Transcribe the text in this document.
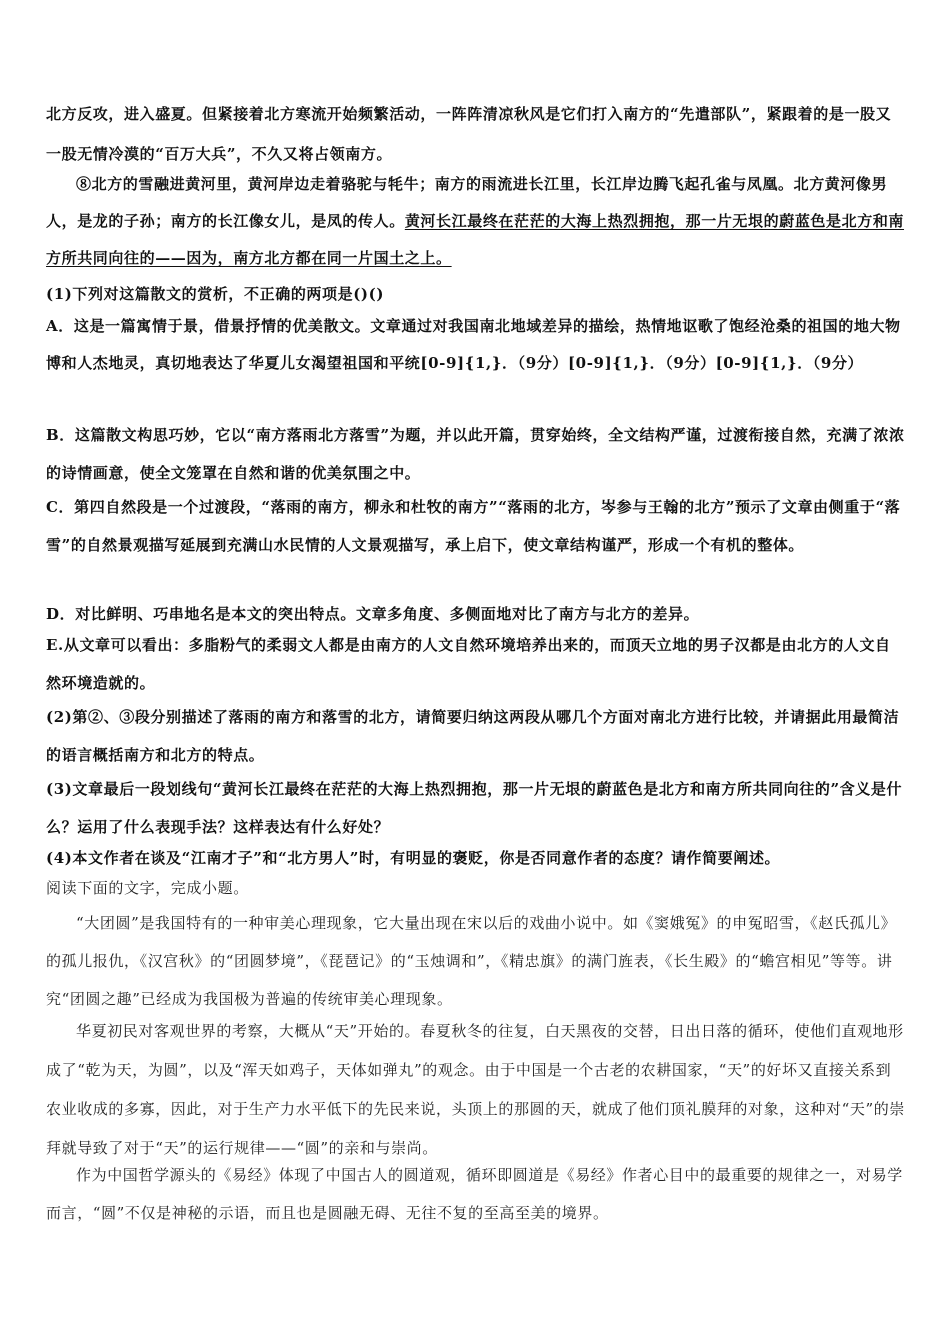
北方反攻，进入盛夏。但紧接着北方寒流开始频繁活动，一阵阵清凉秋风是它们打入南方的“先遣部队”，紧跟着的是一股又一股无情冷漠的“百万大兵”，不久又将占领南方。
⑧北方的雪融进黄河里，黄河岸边走着骆驼与牦牛；南方的雨流进长江里，长江岸边腾飞起孔雀与凤凰。北方黄河像男人，是龙的子孙；南方的长江像女儿，是凤的传人。黄河长江最终在茫茫的大海上热烈拥抱，那一片无垠的蔚蓝色是北方和南方所共同向往的——因为，南方北方都在同一片国土之上。
(1)下列对这篇散文的赏析，不正确的两项是()()
A．这是一篇寓情于景，借景抒情的优美散文。文章通过对我国南北地域差异的描绘，热情地讴歌了饱经沧桑的祖国的地大物博和人杰地灵，真切地表达了华夏儿女渴望祖国和平统[0-9]{1,}．（9分）[0-9]{1,}．（9分）[0-9]{1,}．（9分）
B．这篇散文构思巧妙，它以“南方落雨北方落雪”为题，并以此开篇，贯穿始终，全文结构严谨，过渡衔接自然，充满了浓浓的诗情画意，使全文笼罩在自然和谐的优美氛围之中。
C．第四自然段是一个过渡段，“落雨的南方，柳永和杜牧的南方”“落雨的北方，岑参与王翰的北方”预示了文章由侧重于“落雪”的自然景观描写延展到充满山水民情的人文景观描写，承上启下，使文章结构谨严，形成一个有机的整体。
D．对比鲜明、巧串地名是本文的突出特点。文章多角度、多侧面地对比了南方与北方的差异。
E.从文章可以看出：多脂粉气的柔弱文人都是由南方的人文自然环境培养出来的，而顶天立地的男子汉都是由北方的人文自然环境造就的。
(2)第②、③段分别描述了落雨的南方和落雪的北方，请简要归纳这两段从哪几个方面对南北方进行比较，并请据此用最简洁的语言概括南方和北方的特点。
(3)文章最后一段划线句“黄河长江最终在茫茫的大海上热烈拥抱，那一片无垠的蔚蓝色是北方和南方所共同向往的”含义是什么？运用了什么表现手法？这样表达有什么好处？
(4)本文作者在谈及“江南才子”和“北方男人”时，有明显的褒贬，你是否同意作者的态度？请作简要阐述。
阅读下面的文字，完成小题。
“大团圆”是我国特有的一种审美心理现象，它大量出现在宋以后的戏曲小说中。如《窦娥冤》的申冤昭雪，《赵氏孤儿》的孤儿报仇，《汉宫秋》的“团圆梦境”，《琵琶记》的“玉烛调和”，《精忠旗》的满门旌表，《长生殿》的“蟾宫相见”等等。讲究“团圆之趣”已经成为我国极为普遍的传统审美心理现象。
华夏初民对客观世界的考察，大概从“天”开始的。春夏秋冬的往复，白天黑夜的交替，日出日落的循环，使他们直观地形成了“乾为天，为圆”，以及“浑天如鸡子，天体如弹丸”的观念。由于中国是一个古老的农耕国家，“天”的好坏又直接关系到农业收成的多寡，因此，对于生产力水平低下的先民来说，头顶上的那圆的天，就成了他们顶礼膜拜的对象，这种对“天”的崇拜就导致了对于“天”的运行规律——“圆”的亲和与崇尚。
作为中国哲学源头的《易经》体现了中国古人的圆道观，循环即圆道是《易经》作者心目中的最重要的规律之一，对易学而言，“圆”不仅是神秘的示语，而且也是圆融无碍、无往不复的至高至美的境界。
